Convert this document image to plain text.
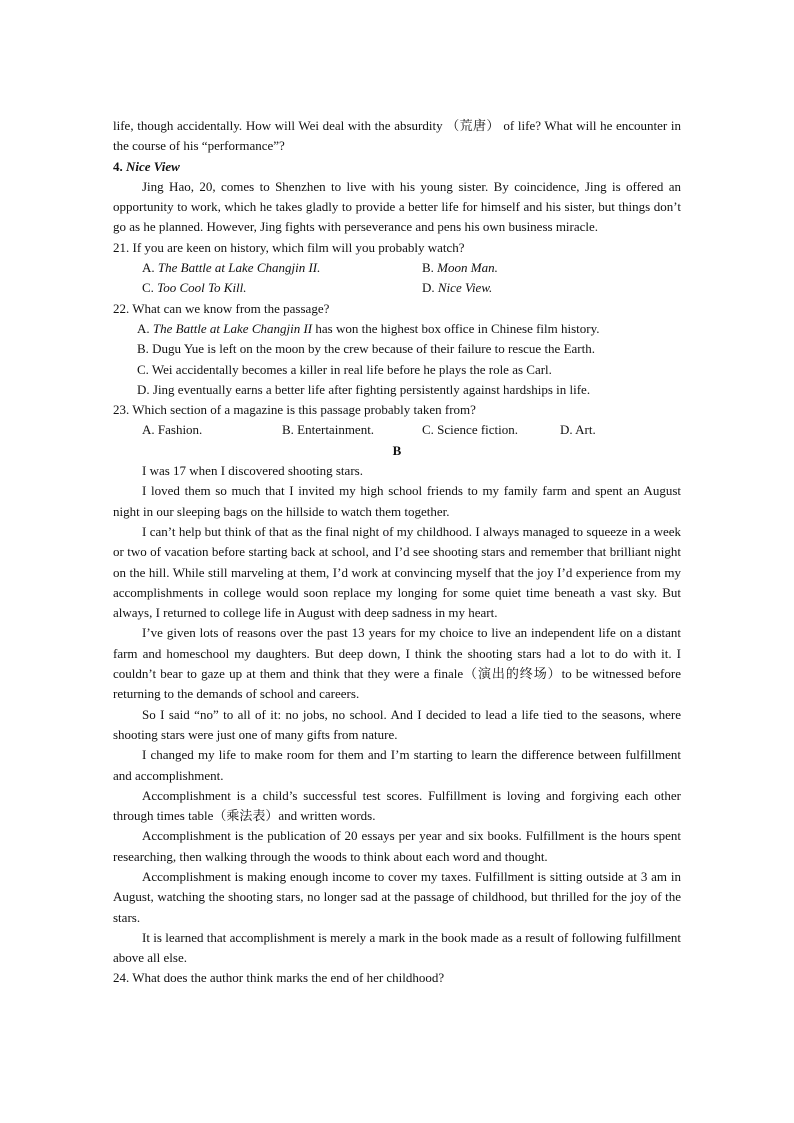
life, though accidentally. How will Wei deal with the absurdity （荒唐） of life? What will he encounter in the course of his “performance”?

4. Nice View

Jing Hao, 20, comes to Shenzhen to live with his young sister. By coincidence, Jing is offered an opportunity to work, which he takes gladly to provide a better life for himself and his sister, but things don’t go as he planned. However, Jing fights with perseverance and pens his own business miracle.

21. If you are keen on history, which film will you probably watch?

A. The Battle at Lake Changjin II.	B. Moon Man.
C. Too Cool To Kill.	D. Nice View.

22. What can we know from the passage?

A. The Battle at Lake Changjin II has won the highest box office in Chinese film history.

B. Dugu Yue is left on the moon by the crew because of their failure to rescue the Earth.

C. Wei accidentally becomes a killer in real life before he plays the role as Carl.

D. Jing eventually earns a better life after fighting persistently against hardships in life.

23. Which section of a magazine is this passage probably taken from?

A. Fashion.	B. Entertainment.	C. Science fiction.	D. Art.

B

I was 17 when I discovered shooting stars.

I loved them so much that I invited my high school friends to my family farm and spent an August night in our sleeping bags on the hillside to watch them together.

I can’t help but think of that as the final night of my childhood. I always managed to squeeze in a week or two of vacation before starting back at school, and I’d see shooting stars and remember that brilliant night on the hill. While still marveling at them, I’d work at convincing myself that the joy I’d experience from my accomplishments in college would soon replace my longing for some quiet time beneath a vast sky. But always, I returned to college life in August with deep sadness in my heart.

I’ve given lots of reasons over the past 13 years for my choice to live an independent life on a distant farm and homeschool my daughters. But deep down, I think the shooting stars had a lot to do with it. I couldn’t bear to gaze up at them and think that they were a finale（演出的终场）to be witnessed before returning to the demands of school and careers.

So I said “no” to all of it: no jobs, no school. And I decided to lead a life tied to the seasons, where shooting stars were just one of many gifts from nature.

I changed my life to make room for them and I’m starting to learn the difference between fulfillment and accomplishment.

Accomplishment is a child’s successful test scores. Fulfillment is loving and forgiving each other through times table（乘法表）and written words.

Accomplishment is the publication of 20 essays per year and six books. Fulfillment is the hours spent researching, then walking through the woods to think about each word and thought.

Accomplishment is making enough income to cover my taxes. Fulfillment is sitting outside at 3 am in August, watching the shooting stars, no longer sad at the passage of childhood, but thrilled for the joy of the stars.

It is learned that accomplishment is merely a mark in the book made as a result of following fulfillment above all else.

24. What does the author think marks the end of her childhood?
